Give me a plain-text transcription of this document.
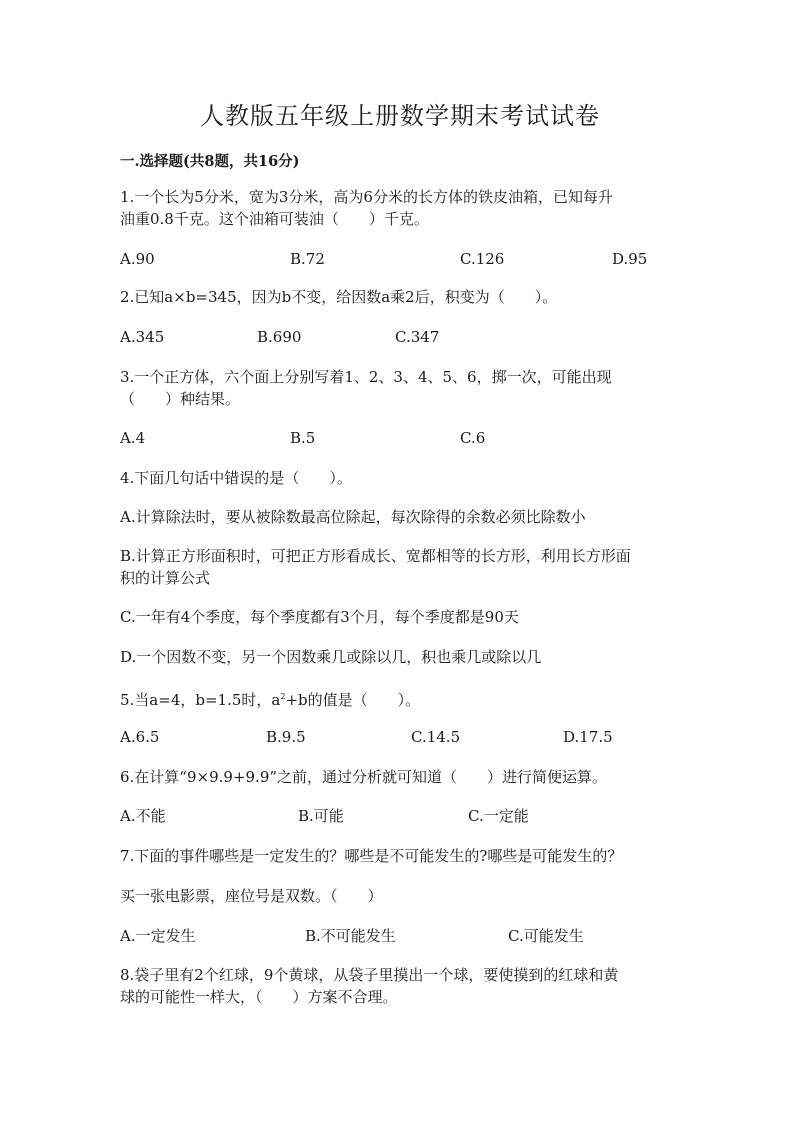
人教版五年级上册数学期末考试试卷
一.选择题(共8题，共16分)
1.一个长为5分米，宽为3分米，高为6分米的长方体的铁皮油箱，已知每升
油重0.8千克。这个油箱可装油（　　）千克。
A.90	B.72	C.126	D.95
2.已知a×b=345，因为b不变，给因数a乘2后，积变为（　　）。
A.345	B.690	C.347
3.一个正方体，六个面上分别写着1、2、3、4、5、6，掷一次，可能出现
（　　）种结果。
A.4	B.5	C.6
4.下面几句话中错误的是（　　）。
A.计算除法时，要从被除数最高位除起，每次除得的余数必须比除数小
B.计算正方形面积时，可把正方形看成长、宽都相等的长方形，利用长方形面
积的计算公式
C.一年有4个季度，每个季度都有3个月，每个季度都是90天
D.一个因数不变，另一个因数乘几或除以几，积也乘几或除以几
5.当a=4，b=1.5时，$a^2+b$的值是（　　）。
A.6.5	B.9.5	C.14.5	D.17.5
6.在计算“9×9.9+9.9”之前，通过分析就可知道（　　）进行简便运算。
A.不能	B.可能	C.一定能
7.下面的事件哪些是一定发生的？哪些是不可能发生的?哪些是可能发生的？
买一张电影票，座位号是双数。（　　）
A.一定发生	B.不可能发生	C.可能发生
8.袋子里有2个红球，9个黄球，从袋子里摸出一个球，要使摸到的红球和黄
球的可能性一样大，（　　）方案不合理。
